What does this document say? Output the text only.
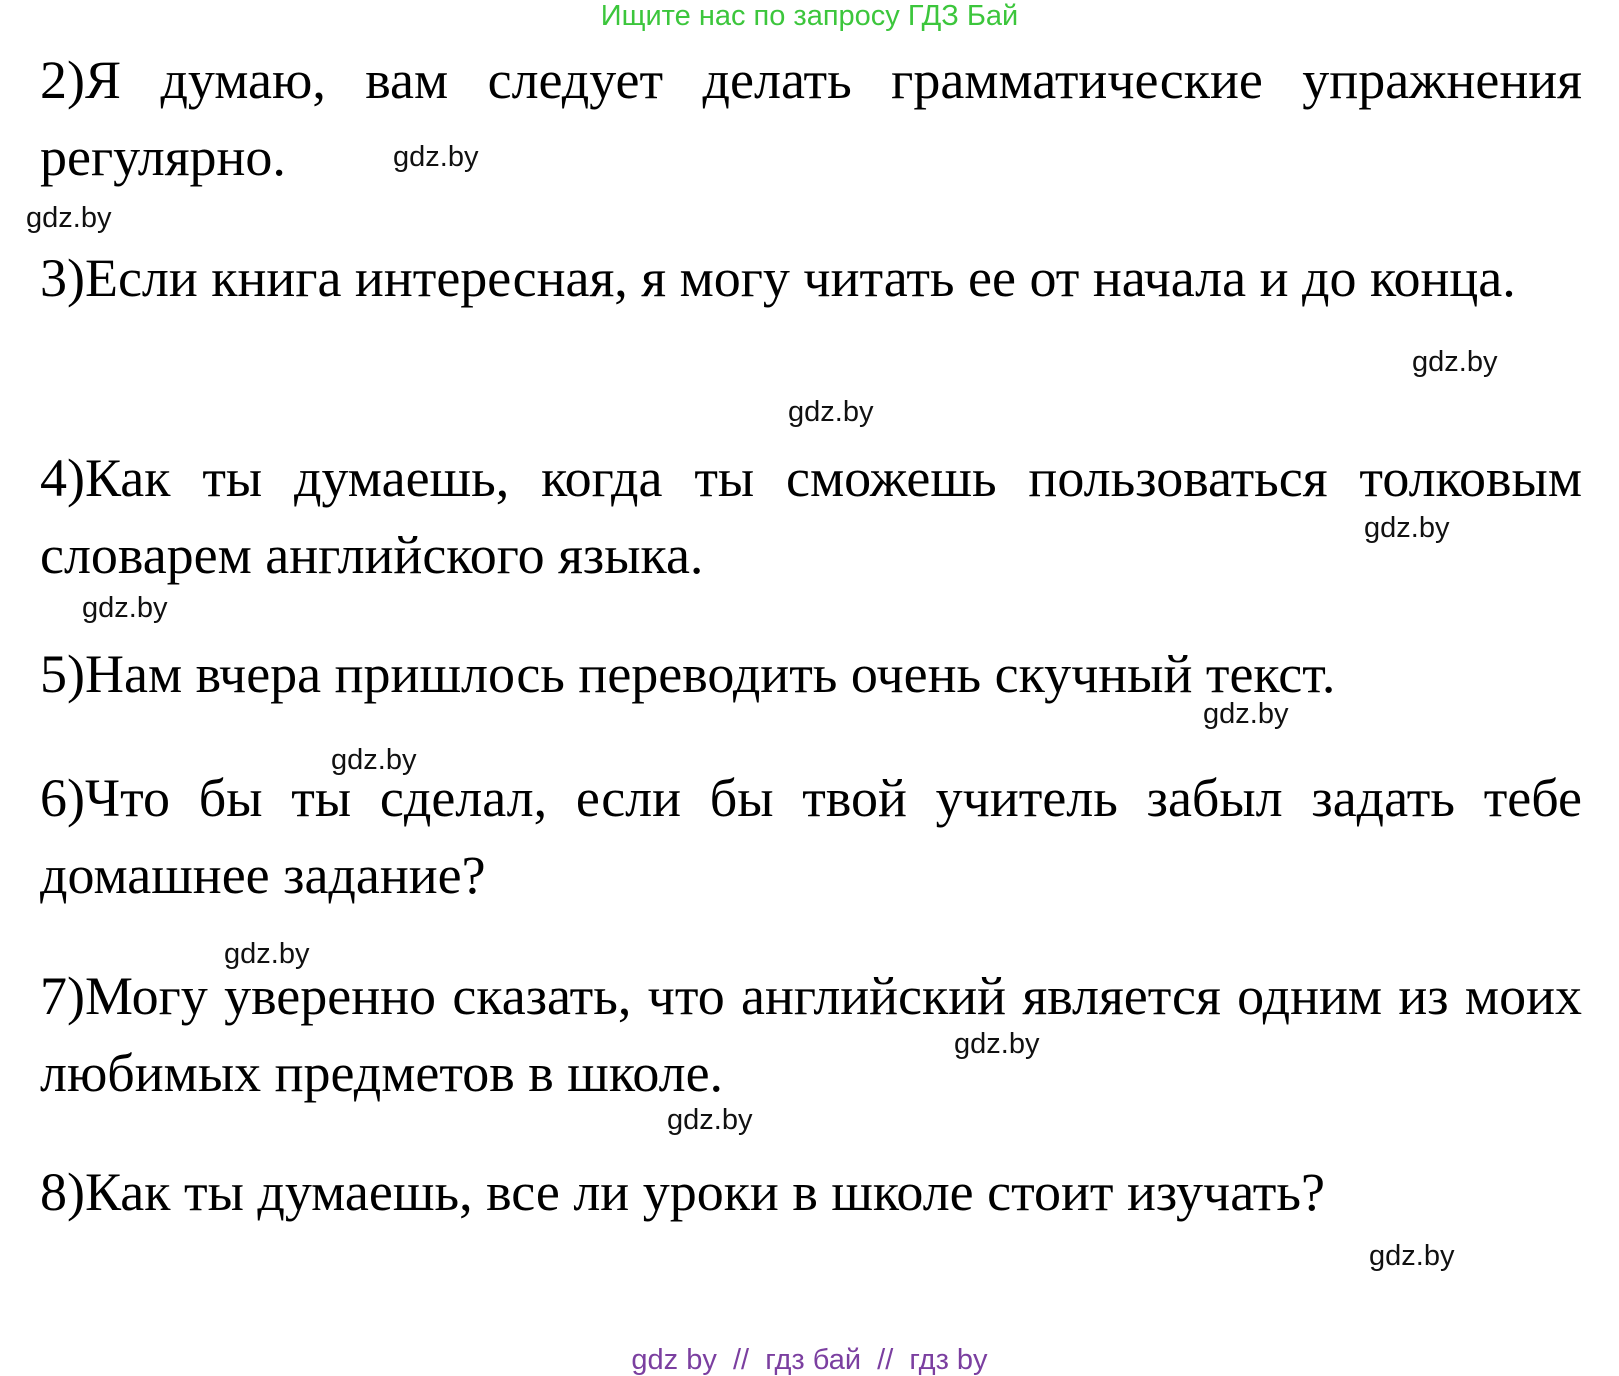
Ищите нас по запросу ГДЗ Бай

2)Я думаю, вам следует делать грамматические упражнения регулярно.

3)Если книга интересная, я могу читать ее от начала и до конца.

4)Как ты думаешь, когда ты сможешь пользоваться толковым словарем английского языка.

5)Нам вчера пришлось переводить очень скучный текст.

6)Что бы ты сделал, если бы твой учитель забыл задать тебе домашнее задание?

7)Могу уверенно сказать, что английский является одним из моих любимых предметов в школе.

8)Как ты думаешь, все ли уроки в школе стоит изучать?

gdz.by
gdz.by
gdz.by
gdz.by
gdz.by
gdz.by
gdz.by
gdz.by
gdz.by
gdz.by
gdz.by
gdz.by
gdz by  //  гдз бай  //  гдз by
